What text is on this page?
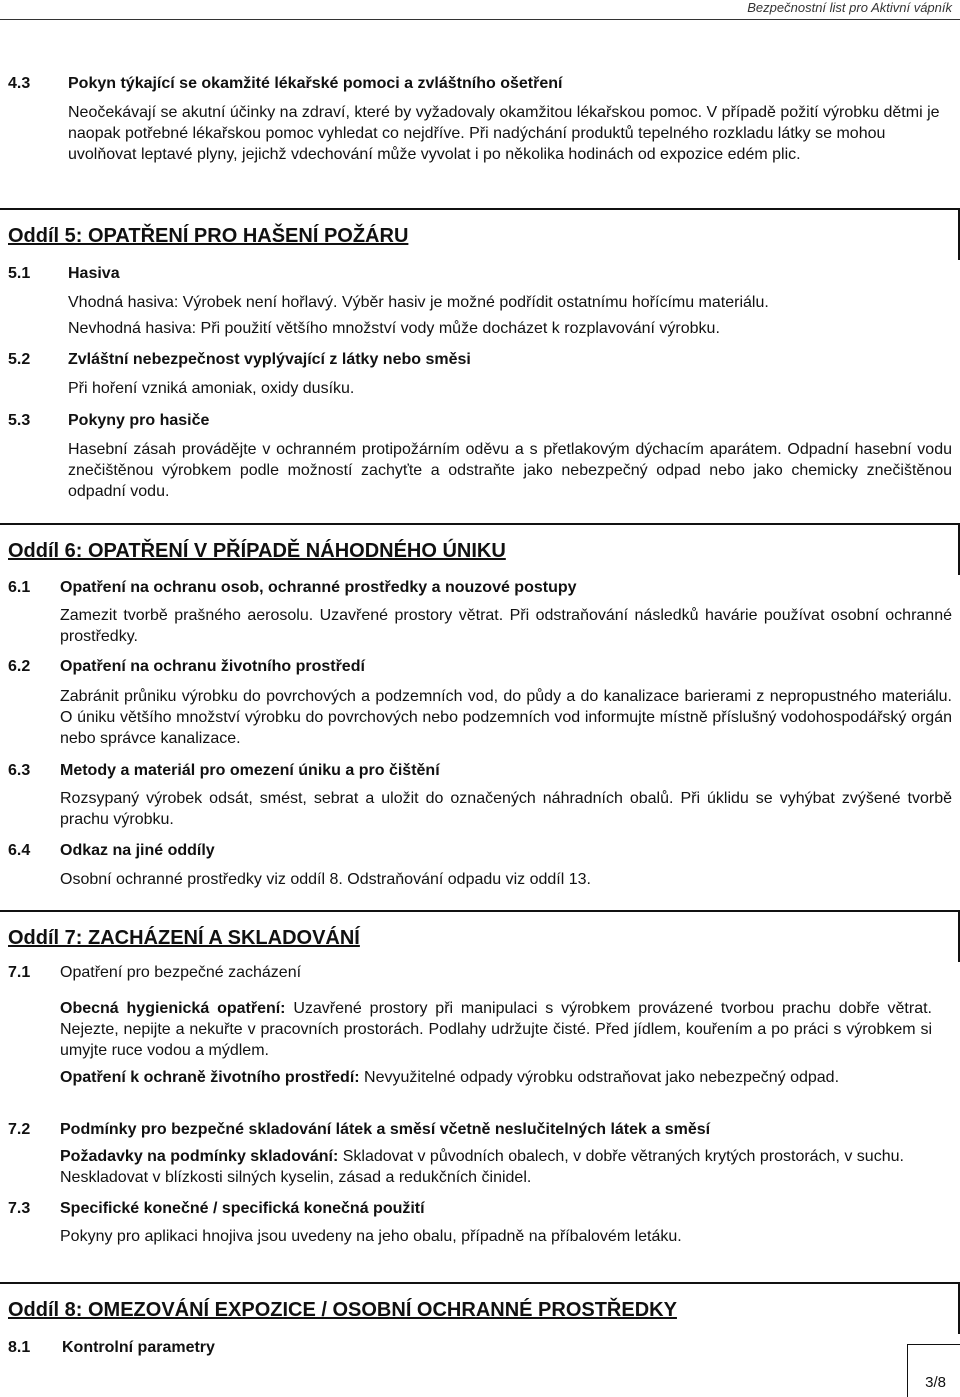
Bezpečnostní list pro Aktivní vápník
4.3 Pokyn týkající se okamžité lékařské pomoci a zvláštního ošetření
Neočekávají se akutní účinky na zdraví, které by vyžadovaly okamžitou lékařskou pomoc. V případě požití výrobku dětmi je naopak potřebné lékařskou pomoc vyhledat co nejdříve. Při nadýchání produktů tepelného rozkladu látky se mohou uvolňovat leptavé plyny, jejichž vdechování může vyvolat i po několika hodinách od expozice edém plic.
Oddíl 5: OPATŘENÍ PRO HAŠENÍ POŽÁRU
5.1 Hasiva
Vhodná hasiva: Výrobek není hořlavý. Výběr hasiv je možné podřídit ostatnímu hořícímu materiálu.
Nevhodná hasiva: Při použití většího množství vody může docházet k rozplavování výrobku.
5.2 Zvláštní nebezpečnost vyplývající z látky nebo směsi
Při hoření vzniká amoniak, oxidy dusíku.
5.3 Pokyny pro hasiče
Hasební zásah provádějte v ochranném protipožárním oděvu a s přetlakovým dýchacím aparátem. Odpadní hasební vodu znečištěnou výrobkem podle možností zachyťte a odstraňte jako nebezpečný odpad nebo jako chemicky znečištěnou odpadní vodu.
Oddíl 6: OPATŘENÍ V PŘÍPADĚ NÁHODNÉHO ÚNIKU
6.1 Opatření na ochranu osob, ochranné prostředky a nouzové postupy
Zamezit tvorbě prašného aerosolu. Uzavřené prostory větrat. Při odstraňování následků havárie používat osobní ochranné prostředky.
6.2 Opatření na ochranu životního prostředí
Zabránit průniku výrobku do povrchových a podzemních vod, do půdy a do kanalizace barierami z nepropustného materiálu. O úniku většího množství výrobku do povrchových nebo podzemních vod informujte místně příslušný vodohospodářský orgán nebo správce kanalizace.
6.3 Metody a materiál pro omezení úniku a pro čištění
Rozsypaný výrobek odsát, smést, sebrat a uložit do označených náhradních obalů. Při úklidu se vyhýbat zvýšené tvorbě prachu výrobku.
6.4 Odkaz na jiné oddíly
Osobní ochranné prostředky viz oddíl 8. Odstraňování odpadu viz oddíl 13.
Oddíl 7: ZACHÁZENÍ A SKLADOVÁNÍ
7.1 Opatření pro bezpečné zacházení
Obecná hygienická opatření: Uzavřené prostory při manipulaci s výrobkem provázené tvorbou prachu dobře větrat. Nejezte, nepijte a nekuřte v pracovních prostorách. Podlahy udržujte čisté. Před jídlem, kouřením a po práci s výrobkem si umyjte ruce vodou a mýdlem.
Opatření k ochraně životního prostředí: Nevyužitelné odpady výrobku odstraňovat jako nebezpečný odpad.
7.2 Podmínky pro bezpečné skladování látek a směsí včetně neslučitelných látek a směsí
Požadavky na podmínky skladování: Skladovat v původních obalech, v dobře větraných krytých prostorách, v suchu. Neskladovat v blízkosti silných kyselin, zásad a redukčních činidel.
7.3 Specifické konečné / specifická konečná použití
Pokyny pro aplikaci hnojiva jsou uvedeny na jeho obalu, případně na příbalovém letáku.
Oddíl 8: OMEZOVÁNÍ EXPOZICE / OSOBNÍ OCHRANNÉ PROSTŘEDKY
8.1 Kontrolní parametry
3/8
